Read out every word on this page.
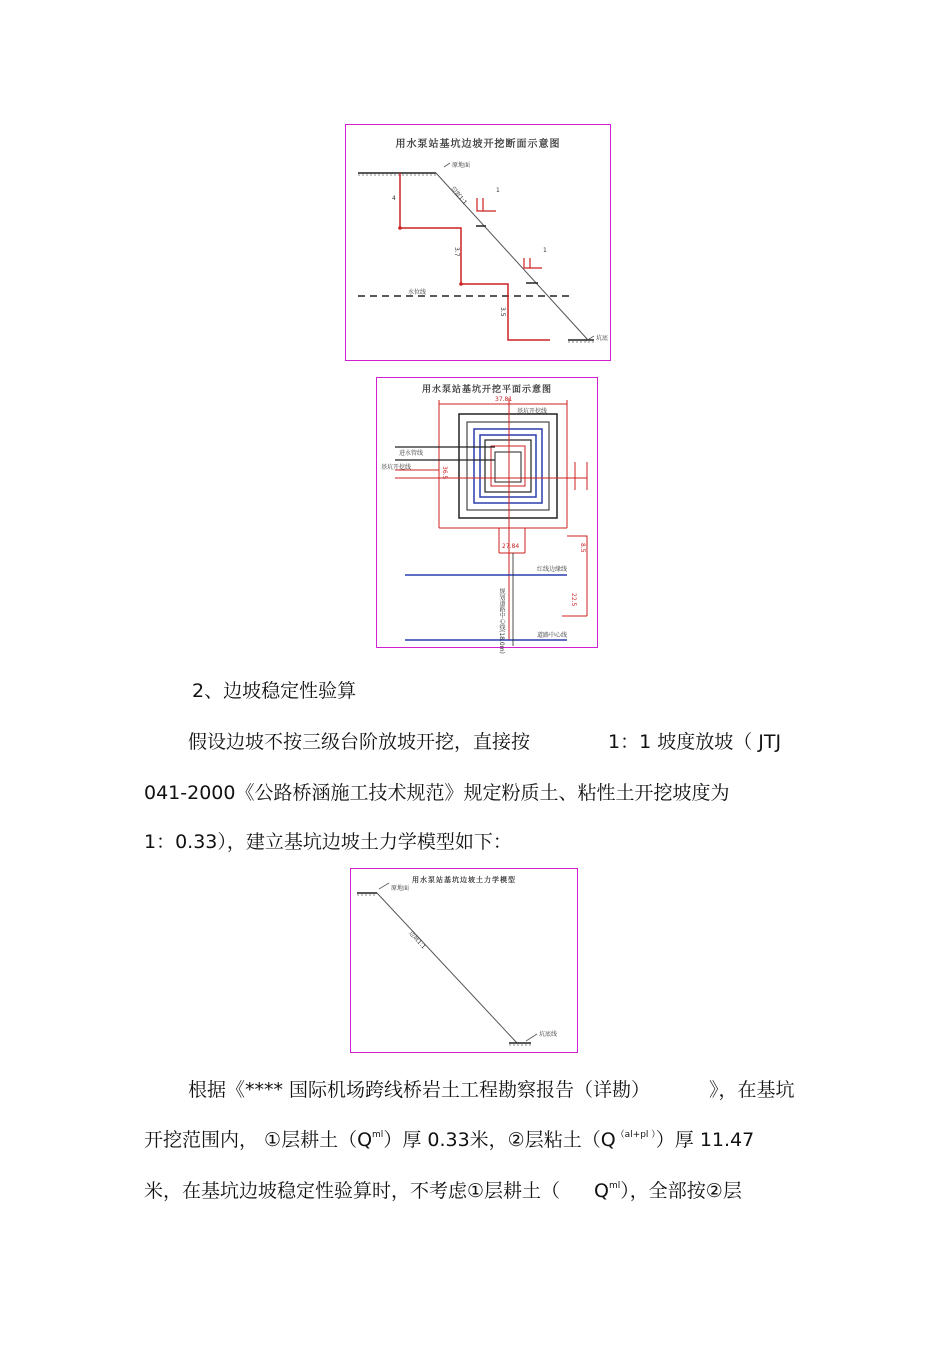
用水泵​站基坑边坡开挖断面示意图
原地面
边坡1:1
4
3.7
3.5
1
1
水位线
坑底
用水泵站基坑开挖平面示意图
37.81
基坑开挖线
进水管线
基坑开挖线	36.5
27.84	8.5
22.5
红线边缘线
道路中心线
规划道路中心线(18.0m)
2、边坡稳定性验算
假设边坡不按三级台阶放坡开挖，直接按	1：1 坡度放坡（ JTJ
041-2000《公路桥涵施工技术规范》规定粉质土、粘性土开挖坡度为
1：0.33），建立基坑边坡土力学模型如下：
用水泵站基坑边坡土力学模型
原地面
边坡1:1
坑底线
根据《**** 国际机场跨线桥岩土工程勘察报告（详勘）	》，在基坑
开挖范围内， ①层耕土$(Q^{ml})$厚 0.33米，②层粘土$(Q^{(al+pl )})$厚 11.47
米，在基坑边坡稳定性验算时，不考虑①层耕土（ $Q^{ml}$），全部按②层
